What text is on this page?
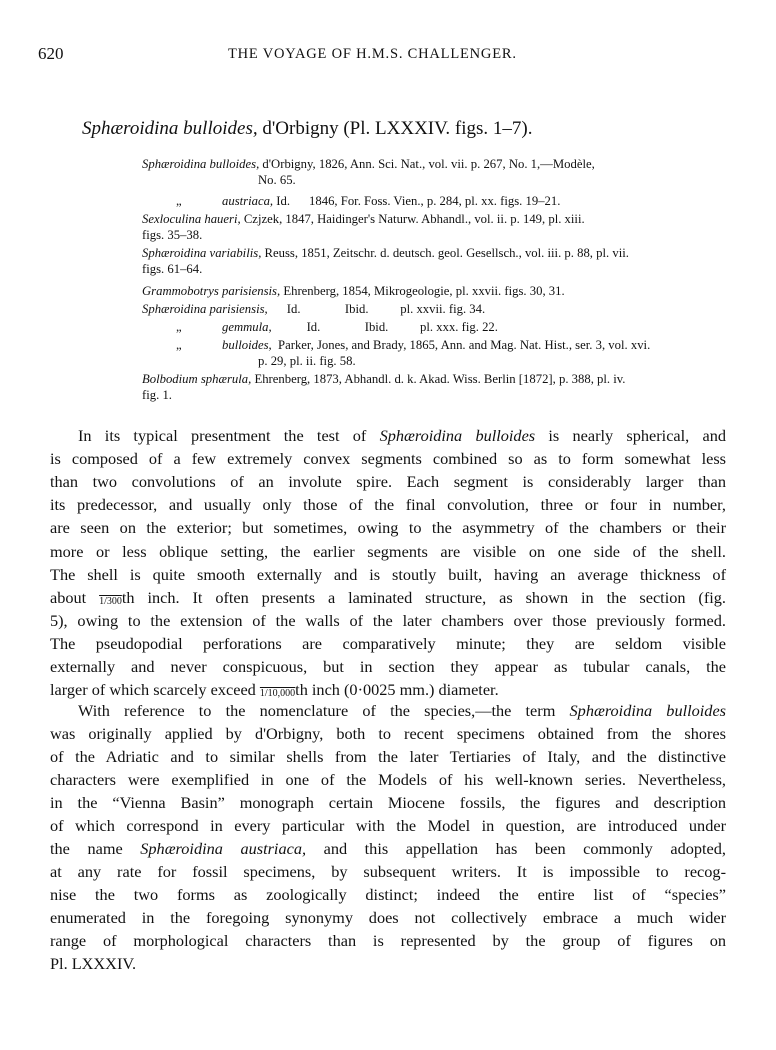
620	THE VOYAGE OF H.M.S. CHALLENGER.
Sphæroidina bulloides, d'Orbigny (Pl. LXXXIV. figs. 1–7).
Sphæroidina bulloides, d'Orbigny, 1826, Ann. Sci. Nat., vol. vii. p. 267, No. 1,—Modèle,
No. 65.
„	austriaca, Id.      1846, For. Foss. Vien., p. 284, pl. xx. figs. 19–21.
Sexloculina haueri, Czjzek, 1847, Haidinger's Naturw. Abhandl., vol. ii. p. 149, pl. xiii.
figs. 35–38.
Sphæroidina variabilis, Reuss, 1851, Zeitschr. d. deutsch. geol. Gesellsch., vol. iii. p. 88, pl. vii.
figs. 61–64.
Grammobotrys parisiensis, Ehrenberg, 1854, Mikrogeologie, pl. xxvii. figs. 30, 31.
Sphæroidina parisiensis,      Id.              Ibid.          pl. xxvii. fig. 34.
„	gemmula,           Id.              Ibid.          pl. xxx. fig. 22.
„	bulloides,  Parker, Jones, and Brady, 1865, Ann. and Mag. Nat. Hist., ser. 3, vol. xvi.
p. 29, pl. ii. fig. 58.
Bolbodium sphærula, Ehrenberg, 1873, Abhandl. d. k. Akad. Wiss. Berlin [1872], p. 388, pl. iv.
fig. 1.
In its typical presentment the test of Sphæroidina bulloides is nearly spherical, and
is composed of a few extremely convex segments combined so as to form somewhat less
than two convolutions of an involute spire. Each segment is considerably larger than
its predecessor, and usually only those of the final convolution, three or four in number,
are seen on the exterior; but sometimes, owing to the asymmetry of the chambers or their
more or less oblique setting, the earlier segments are visible on one side of the shell.
The shell is quite smooth externally and is stoutly built, having an average thickness of
about 1/300th inch. It often presents a laminated structure, as shown in the section (fig.
5), owing to the extension of the walls of the later chambers over those previously formed.
The pseudopodial perforations are comparatively minute; they are seldom visible
externally and never conspicuous, but in section they appear as tubular canals, the
larger of which scarcely exceed 1/10,000th inch (0·0025 mm.) diameter.
With reference to the nomenclature of the species,—the term Sphæroidina bulloides
was originally applied by d'Orbigny, both to recent specimens obtained from the shores
of the Adriatic and to similar shells from the later Tertiaries of Italy, and the distinctive
characters were exemplified in one of the Models of his well-known series. Nevertheless,
in the “Vienna Basin” monograph certain Miocene fossils, the figures and description
of which correspond in every particular with the Model in question, are introduced under
the name Sphæroidina austriaca, and this appellation has been commonly adopted,
at any rate for fossil specimens, by subsequent writers. It is impossible to recog-
nise the two forms as zoologically distinct; indeed the entire list of “species”
enumerated in the foregoing synonymy does not collectively embrace a much wider
range of morphological characters than is represented by the group of figures on
Pl. LXXXIV.
